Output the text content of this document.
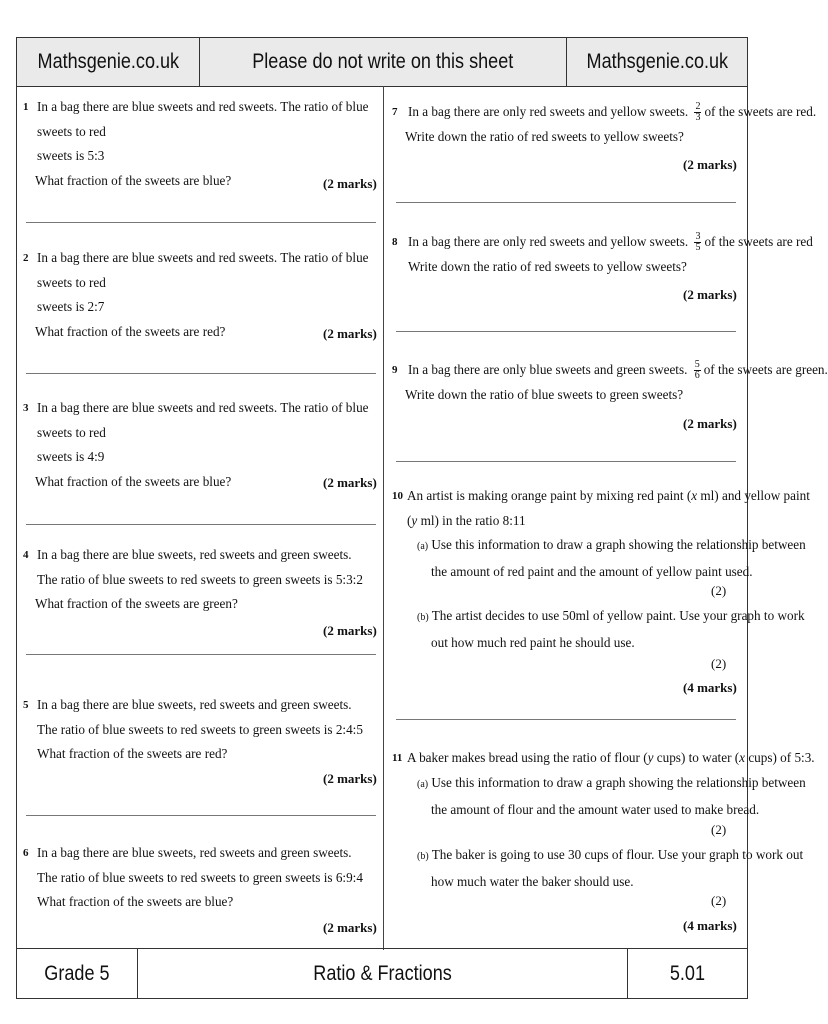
Mathsgenie.co.uk	Please do not write on this sheet	Mathsgenie.co.uk
1 In a bag there are blue sweets and red sweets. The ratio of blue sweets to red

sweets is 5:3

What fraction of the sweets are blue?	(2 marks)
2 In a bag there are blue sweets and red sweets. The ratio of blue sweets to red

sweets is 2:7

What fraction of the sweets are red?	(2 marks)
3 In a bag there are blue sweets and red sweets. The ratio of blue sweets to red

sweets is 4:9

What fraction of the sweets are blue?	(2 marks)
4 In a bag there are blue sweets, red sweets and green sweets.

The ratio of blue sweets to red sweets to green sweets is 5:3:2

What fraction of the sweets are green?

(2 marks)
5 In a bag there are blue sweets, red sweets and green sweets.

The ratio of blue sweets to red sweets to green sweets is 2:4:5

What fraction of the sweets are red?

(2 marks)
6 In a bag there are blue sweets, red sweets and green sweets.

The ratio of blue sweets to red sweets to green sweets is 6:9:4

What fraction of the sweets are blue?

(2 marks)
7 In a bag there are only red sweets and yellow sweets. $\frac{2}{3}$ of the sweets are red.

Write down the ratio of red sweets to yellow sweets?

(2 marks)
8 In a bag there are only red sweets and yellow sweets. $\frac{3}{5}$ of the sweets are red

Write down the ratio of red sweets to yellow sweets?

(2 marks)
9 In a bag there are only blue sweets and green sweets. $\frac{5}{6}$ of the sweets are green.

Write down the ratio of blue sweets to green sweets?

(2 marks)
10 An artist is making orange paint by mixing red paint (x ml) and yellow paint

(y ml) in the ratio 8:11

(a) Use this information to draw a graph showing the relationship between

the amount of red paint and the amount of yellow paint used.

(2)

(b) The artist decides to use 50ml of yellow paint. Use your graph to work

out how much red paint he should use.

(2)
(4 marks)
11 A baker makes bread using the ratio of flour (y cups) to water (x cups) of 5:3.

(a) Use this information to draw a graph showing the relationship between

the amount of flour and the amount water used to make bread.

(2)

(b) The baker is going to use 30 cups of flour. Use your graph to work out

how much water the baker should use.

(2)
(4 marks)
Grade 5	Ratio & Fractions	5.01
